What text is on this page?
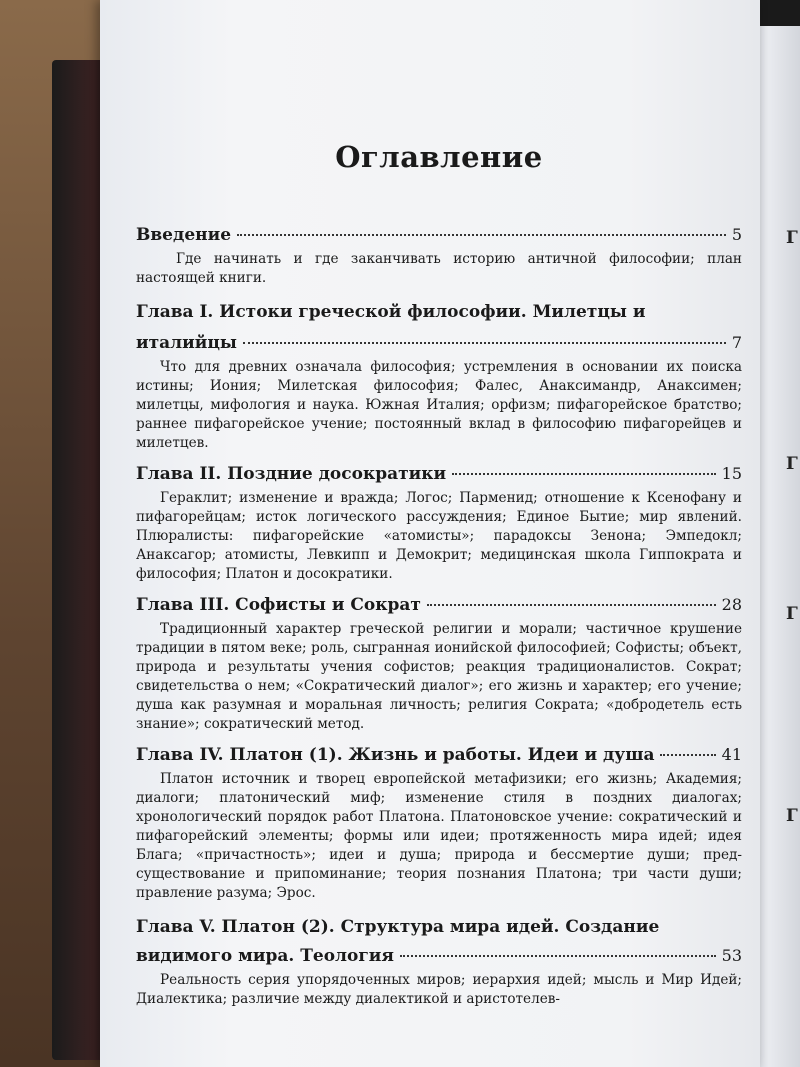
Г
Г
Г
Г
Оглавление
Введение	5

Где начинать и где заканчивать историю античной философии; план настоящей книги.

Глава I. Истоки греческой философии. Милетцы и
италийцы	7

Что для древних означала философия; устремления в основании их поиска истины; Иония; Милетская философия; Фалес, Анаксимандр, Анаксимен; милетцы, мифология и наука. Южная Италия; орфизм; пифагорейское братство; раннее пифагорейское учение; постоянный вклад в философию пифагорейцев и милетцев.

Глава II. Поздние досократики	15

Гераклит; изменение и вражда; Логос; Парменид; отношение к Ксенофану и пифагорейцам; исток логического рассуждения; Единое Бытие; мир явлений. Плюралисты: пифагорейские «атомисты»; парадоксы Зенона; Эмпедокл; Анаксагор; атомисты, Левкипп и Демокрит; медицинская школа Гиппократа и философия; Платон и досократики.

Глава III. Софисты и Сократ	28

Традиционный характер греческой религии и морали; частичное крушение традиции в пятом веке; роль, сыгранная ионийской философией; Софисты; объект, природа и результаты учения софистов; реакция традиционалистов. Сократ; свидетельства о нем; «Сократический диалог»; его жизнь и характер; его учение; душа как разумная и моральная личность; религия Сократа; «добродетель есть знание»; сократический метод.

Глава IV. Платон (1). Жизнь и работы. Идеи и душа	41

Платон источник и творец европейской метафизики; его жизнь; Академия; диалоги; платонический миф; изменение стиля в поздних диалогах; хронологический порядок работ Платона. Платоновское учение: сократический и пифагорейский элементы; формы или идеи; протяженность мира идей; идея Блага; «причастность»; идеи и душа; природа и бессмертие души; пред-существование и припоминание; теория познания Платона; три части души; правление разума; Эрос.

Глава V. Платон (2). Структура мира идей. Создание
видимого мира. Теология	53

Реальность серия упорядоченных миров; иерархия идей; мысль и Мир Идей; Диалектика; различие между диалектикой и аристотелев-
